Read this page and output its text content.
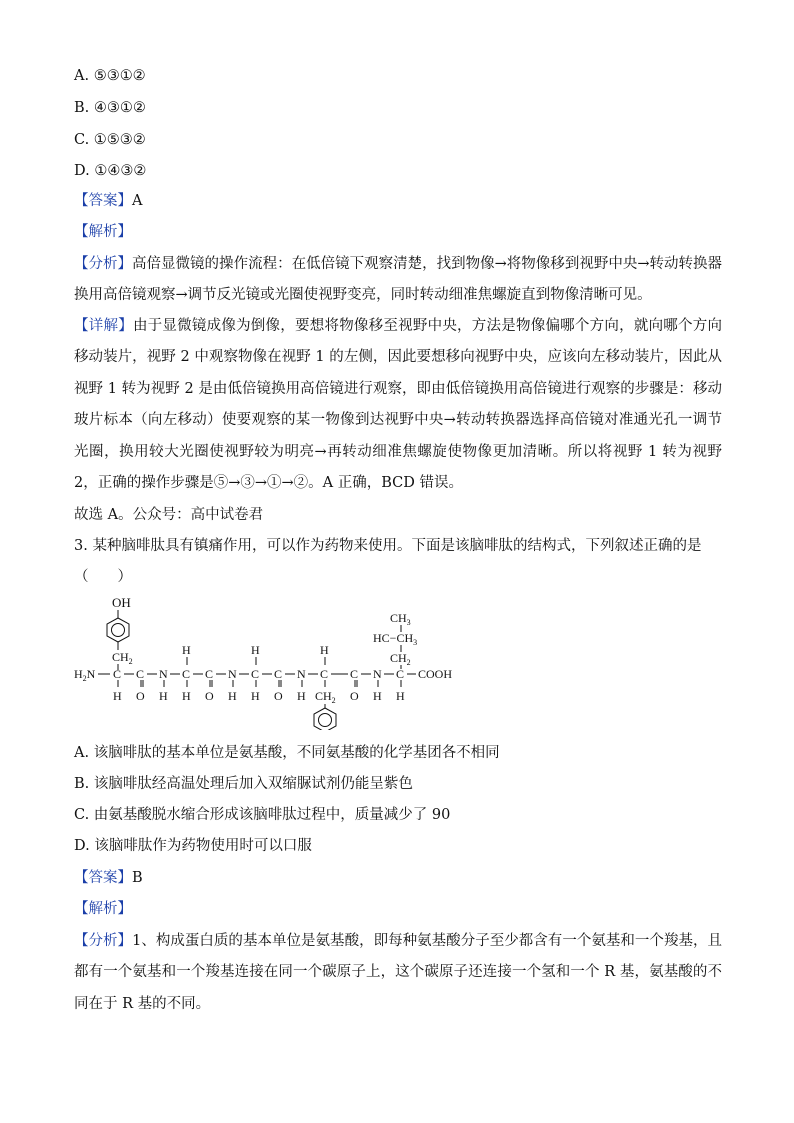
A. ⑤③①②
B. ④③①②
C. ①⑤③②
D. ①④③②
【答案】A
【解析】
【分析】高倍显微镜的操作流程：在低倍镜下观察清楚，找到物像→将物像移到视野中央→转动转换器换用高倍镜观察→调节反光镜或光圈使视野变亮，同时转动细准焦螺旋直到物像清晰可见。
【详解】由于显微镜成像为倒像，要想将物像移至视野中央，方法是物像偏哪个方向，就向哪个方向移动装片，视野 2 中观察物像在视野 1 的左侧，因此要想移向视野中央，应该向左移动装片，因此从视野 1 转为视野 2 是由低倍镜换用高倍镜进行观察，即由低倍镜换用高倍镜进行观察的步骤是：移动玻片标本（向左移动）使要观察的某一物像到达视野中央→转动转换器选择高倍镜对准通光孔一调节光圈，换用较大光圈使视野较为明亮→再转动细准焦螺旋使物像更加清晰。所以将视野 1 转为视野 2，正确的操作步骤是⑤→③→①→②。A 正确，BCD 错误。
故选 A。公众号：高中试卷君
3. 某种脑啡肽具有镇痛作用，可以作为药物来使用。下面是该脑啡肽的结构式，下列叙述正确的是
（　　）
OH
$CH_2$
$H_2N$ C C N C C N C C N C C N C COOH
H	H	H
$CH_3$
$HC-CH_3$
$CH_2$
H O H H O H H O H $CH_2$ O H H
A. 该脑啡肽的基本单位是氨基酸，不同氨基酸的化学基团各不相同
B. 该脑啡肽经高温处理后加入双缩脲试剂仍能呈紫色
C. 由氨基酸脱水缩合形成该脑啡肽过程中，质量减少了 90
D. 该脑啡肽作为药物使用时可以口服
【答案】B
【解析】
【分析】1、构成蛋白质的基本单位是氨基酸，即每种氨基酸分子至少都含有一个氨基和一个羧基，且都有一个氨基和一个羧基连接在同一个碳原子上，这个碳原子还连接一个氢和一个 R 基，氨基酸的不同在于 R 基的不同。
